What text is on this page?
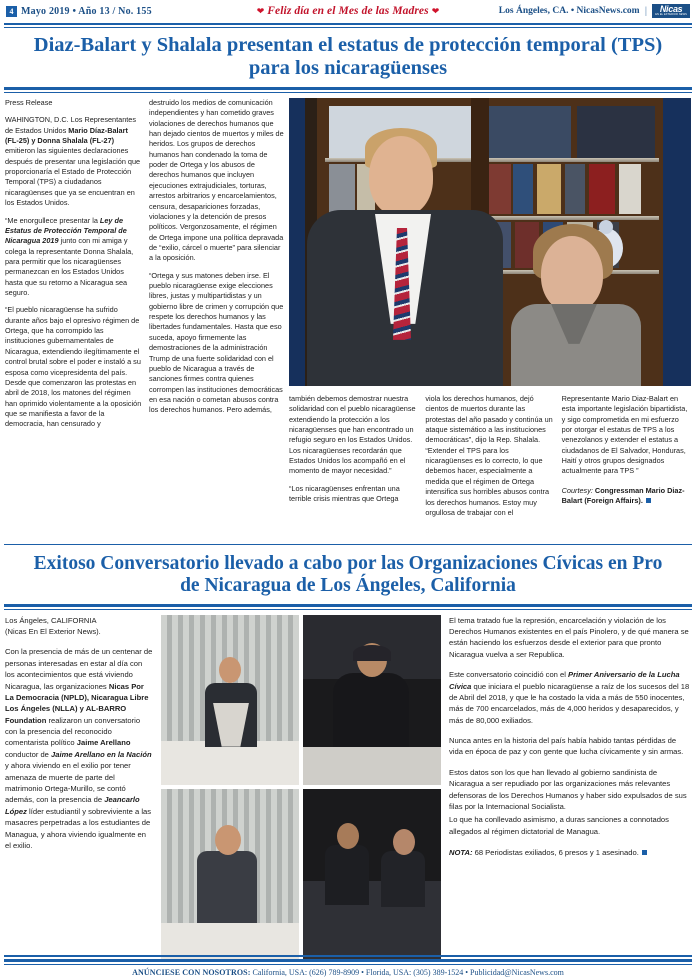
4 Mayo 2019 • Año 13 / No. 155	❤ Feliz día en el Mes de las Madres ❤	Los Ángeles, CA. • NicasNews.com | Nicas
EN EL EXTERIOR NEWS
Diaz-Balart y Shalala presentan el estatus de protección temporal (TPS) para los nicaragüenses

Press Release

WAHINGTON, D.C. Los Representantes de Estados Unidos Mario Díaz-Balart (FL-25) y Donna Shalala (FL-27) emitieron las siguientes declaraciones después de presentar una legislación que proporcionaría el Estado de Protección Temporal (TPS) a ciudadanos nicaragüenses que ya se encuentran en los Estados Unidos.

“Me enorgullece presentar la Ley de Estatus de Protección Temporal de Nicaragua 2019 junto con mi amiga y colega la representante Donna Shalala, para permitir que los nicaragüenses permanezcan en los Estados Unidos hasta que su retorno a Nicaragua sea seguro.

“El pueblo nicaragüense ha sufrido durante años bajo el opresivo régimen de Ortega, que ha corrompido las instituciones gubernamentales de Nicaragua, extendiendo ilegítimamente el control brutal sobre el poder e instaló a su esposa como vicepresidenta del país. Desde que comenzaron las protestas en abril de 2018, los matones del régimen han oprimido violentamente a la oposición que se manifiesta a favor de la democracia, han censurado y

destruido los medios de comunicación independientes y han cometido graves violaciones de derechos humanos que han dejado cientos de muertos y miles de heridos. Los grupos de derechos humanos han condenado la toma de poder de Ortega y los abusos de derechos humanos que incluyen ejecuciones extrajudiciales, torturas, arrestos arbitrarios y encarcelamientos, censura, desapariciones forzadas, violaciones y la detención de presos políticos. Vergonzosamente, el régimen de Ortega impone una política depravada de “exilio, cárcel o muerte” para silenciar a la oposición.

“Ortega y sus matones deben irse. El pueblo nicaragüense exige elecciones libres, justas y multipartidistas y un gobierno libre de crimen y corrupción que respete los derechos humanos y las libertades fundamentales. Hasta que eso suceda, apoyo firmemente las demostraciones de la administración Trump de una fuerte solidaridad con el pueblo de Nicaragua a través de sanciones firmes contra quienes corrompen las instituciones democráticas en esa nación o cometan abusos contra los derechos humanos. Pero además,

también debemos demostrar nuestra solidaridad con el pueblo nicaragüense extendiendo la protección a los nicaragüenses que han encontrado un refugio seguro en los Estados Unidos. Los nicaragüenses recordarán que Estados Unidos los acompañó en el momento de mayor necesidad.”

“Los nicaragüenses enfrentan una terrible crisis mientras que Ortega

viola los derechos humanos, dejó cientos de muertos durante las protestas del año pasado y continúa un ataque sistemático a las instituciones democráticas”, dijo la Rep. Shalala. “Extender el TPS para los nicaragüenses es lo correcto, lo que debemos hacer, especialmente a medida que el régimen de Ortega intensifica sus horribles abusos contra los derechos humanos. Estoy muy orgullosa de trabajar con el

Representante Mario Diaz-Balart en esta importante legislación bipartidista, y sigo comprometida en mi esfuerzo por otorgar el estatus de TPS a los venezolanos y extender el estatus a ciudadanos de El Salvador, Honduras, Haití y otros grupos designados actualmente para TPS ”

Courtesy: Congressman Mario Diaz-Balart (Foreign Affairs).

Exitoso Conversatorio llevado a cabo por las Organizaciones Cívicas en Pro de Nicaragua de Los Ángeles, California

Los Ángeles, CALIFORNIA
(Nicas En El Exterior News).

Con la presencia de más de un centenar de personas interesadas en estar al día con los acontecimientos que está viviendo Nicaragua, las organizaciones Nicas Por La Democracia (NPLD), Nicaragua Libre Los Ángeles (NLLA) y AL-BARRO Foundation realizaron un conversatorio con la presencia del reconocido comentarista político Jaime Arellano conductor de Jaime Arellano en la Nación y ahora viviendo en el exilio por tener amenaza de muerte de parte del matrimonio Ortega-Murillo, se contó además, con la presencia de Jeancarlo López líder estudiantil y sobreviviente a las masacres perpetradas a los estudiantes de Managua, y ahora viviendo igualmente en el exilio.

El tema tratado fue la represión, encarcelación y violación de los Derechos Humanos existentes en el país Pinolero, y de qué manera se están haciendo los esfuerzos desde el exterior para que pronto Nicaragua vuelva a ser Republica.

Este conversatorio coincidió con el Primer Aniversario de la Lucha Cívica que iniciara el pueblo nicaragüense a raíz de los sucesos del 18 de Abril del 2018, y que le ha costado la vida a más de 550 inocentes, más de 700 encarcelados, más de 4,000 heridos y desaparecidos, y más de 80,000 exiliados.

Nunca antes en la historia del país había habido tantas pérdidas de vida en época de paz y con gente que lucha cívicamente y sin armas.

Estos datos son los que han llevado al gobierno sandinista de Nicaragua a ser repudiado por las organizaciones más relevantes defensoras de los Derechos Humanos y haber sido expulsados de sus filas por la Internacional Socialista.

Lo que ha conllevado asimismo, a duras sanciones a connotados allegados al régimen dictatorial de Managua.

NOTA: 68 Periodistas exiliados, 6 presos y 1 asesinado.

ANÚNCIESE CON NOSOTROS: California, USA: (626) 789-8909 • Florida, USA: (305) 389-1524 • Publicidad@NicasNews.com
